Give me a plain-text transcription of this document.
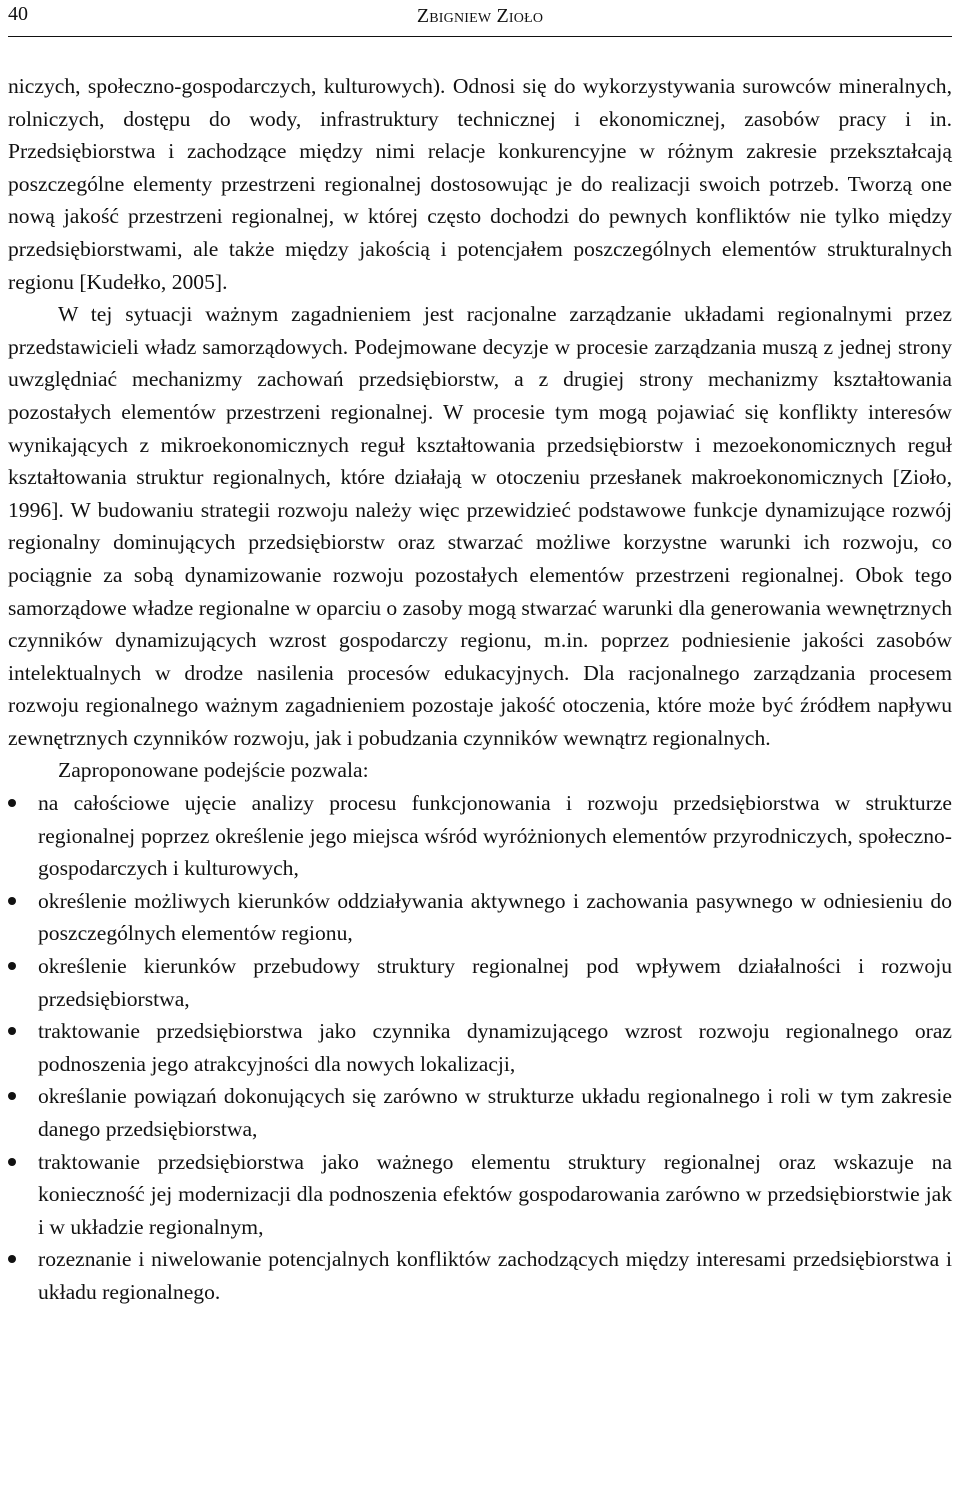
40	Zbigniew Zioło

niczych, społeczno-gospodarczych, kulturowych). Odnosi się do wykorzystywania surowców mineralnych, rolniczych, dostępu do wody, infrastruktury technicznej i ekonomicznej, zasobów pracy i in. Przedsiębiorstwa i zachodzące między nimi relacje konkurencyjne w różnym zakresie przekształcają poszczególne elementy przestrzeni regionalnej dostosowując je do realizacji swoich potrzeb. Tworzą one nową jakość przestrzeni regionalnej, w której często dochodzi do pewnych konfliktów nie tylko między przedsiębiorstwami, ale także między jakością i potencjałem poszczególnych elementów strukturalnych regionu [Kudełko, 2005].

W tej sytuacji ważnym zagadnieniem jest racjonalne zarządzanie układami regionalnymi przez przedstawicieli władz samorządowych. Podejmowane decyzje w procesie zarządzania muszą z jednej strony uwzględniać mechanizmy zachowań przedsiębiorstw, a z drugiej strony mechanizmy kształtowania pozostałych elementów przestrzeni regionalnej. W procesie tym mogą pojawiać się konflikty interesów wynikających z mikroekonomicznych reguł kształtowania przedsiębiorstw i mezoekonomicznych reguł kształtowania struktur regionalnych, które działają w otoczeniu przesłanek makroekonomicznych [Zioło, 1996]. W budowaniu strategii rozwoju należy więc przewidzieć podstawowe funkcje dynamizujące rozwój regionalny dominujących przedsiębiorstw oraz stwarzać możliwe korzystne warunki ich rozwoju, co pociągnie za sobą dynamizowanie rozwoju pozostałych elementów przestrzeni regionalnej. Obok tego samorządowe władze regionalne w oparciu o zasoby mogą stwarzać warunki dla generowania wewnętrznych czynników dynamizujących wzrost gospodarczy regionu, m.in. poprzez podniesienie jakości zasobów intelektualnych w drodze nasilenia procesów edukacyjnych. Dla racjonalnego zarządzania procesem rozwoju regionalnego ważnym zagadnieniem pozostaje jakość otoczenia, które może być źródłem napływu zewnętrznych czynników rozwoju, jak i pobudzania czynników wewnątrz regionalnych.

Zaproponowane podejście pozwala:

na całościowe ujęcie analizy procesu funkcjonowania i rozwoju przedsiębiorstwa w strukturze regionalnej poprzez określenie jego miejsca wśród wyróżnionych elementów przyrodniczych, społeczno-gospodarczych i kulturowych,
określenie możliwych kierunków oddziaływania aktywnego i zachowania pasywnego w odniesieniu do poszczególnych elementów regionu,
określenie kierunków przebudowy struktury regionalnej pod wpływem działalności i rozwoju przedsiębiorstwa,
traktowanie przedsiębiorstwa jako czynnika dynamizującego wzrost rozwoju regionalnego oraz podnoszenia jego atrakcyjności dla nowych lokalizacji,
określanie powiązań dokonujących się zarówno w strukturze układu regionalnego i roli w tym zakresie danego przedsiębiorstwa,
traktowanie przedsiębiorstwa jako ważnego elementu struktury regionalnej oraz wskazuje na konieczność jej modernizacji dla podnoszenia efektów gospodarowania zarówno w przedsiębiorstwie jak i w układzie regionalnym,
rozeznanie i niwelowanie potencjalnych konfliktów zachodzących między interesami przedsiębiorstwa i układu regionalnego.
